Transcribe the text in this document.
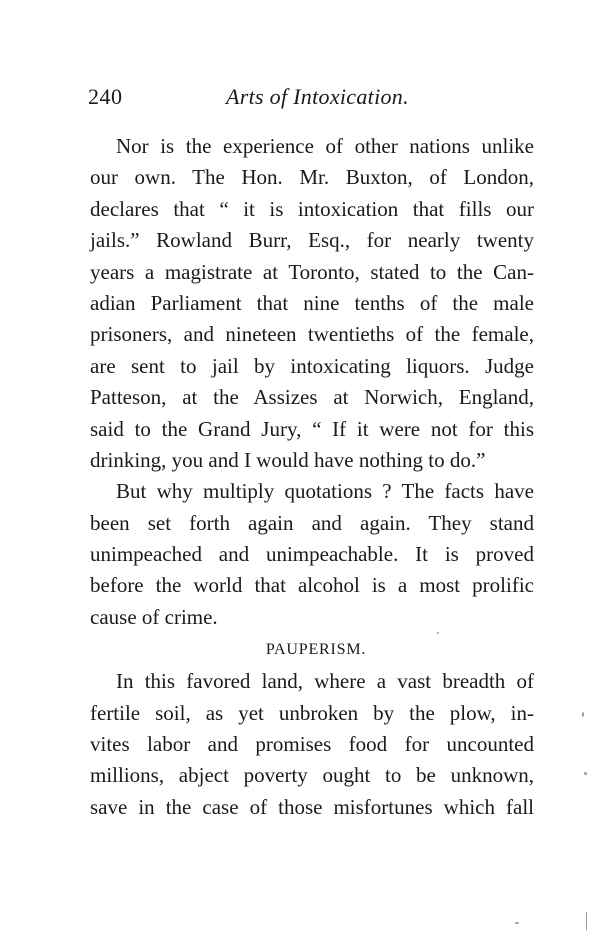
240	Arts of Intoxication.
Nor is the experience of other nations unlike
our own. The Hon. Mr. Buxton, of London,
declares that “ it is intoxication that fills our
jails.” Rowland Burr, Esq., for nearly twenty
years a magistrate at Toronto, stated to the Can-
adian Parliament that nine tenths of the male
prisoners, and nineteen twentieths of the female,
are sent to jail by intoxicating liquors. Judge
Patteson, at the Assizes at Norwich, England,
said to the Grand Jury, “ If it were not for this
drinking, you and I would have nothing to do.”
But why multiply quotations ? The facts have
been set forth again and again. They stand
unimpeached and unimpeachable. It is proved
before the world that alcohol is a most prolific
cause of crime.
PAUPERISM.
In this favored land, where a vast breadth of
fertile soil, as yet unbroken by the plow, in-
vites labor and promises food for uncounted
millions, abject poverty ought to be unknown,
save in the case of those misfortunes which fall
